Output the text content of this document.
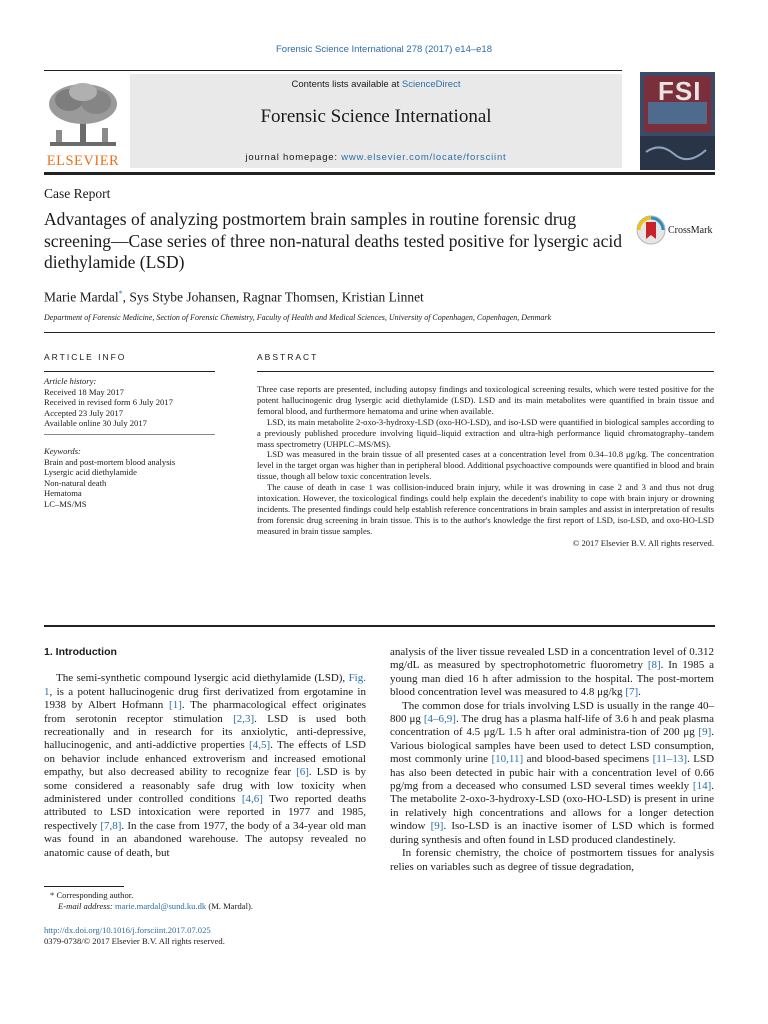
Forensic Science International 278 (2017) e14–e18
ELSEVIER
Contents lists available at ScienceDirect
Forensic Science International
journal homepage: www.elsevier.com/locate/forsciint
FSI
Case Report
Advantages of analyzing postmortem brain samples in routine forensic drug screening—Case series of three non-natural deaths tested positive for lysergic acid diethylamide (LSD)
CrossMark
Marie Mardal*, Sys Stybe Johansen, Ragnar Thomsen, Kristian Linnet
Department of Forensic Medicine, Section of Forensic Chemistry, Faculty of Health and Medical Sciences, University of Copenhagen, Copenhagen, Denmark
ARTICLE INFO
Article history:
Received 18 May 2017
Received in revised form 6 July 2017
Accepted 23 July 2017
Available online 30 July 2017
Keywords:
Brain and post-mortem blood analysis
Lysergic acid diethylamide
Non-natural death
Hematoma
LC–MS/MS
ABSTRACT

Three case reports are presented, including autopsy findings and toxicological screening results, which were tested positive for the potent hallucinogenic drug lysergic acid diethylamide (LSD). LSD and its main metabolites were quantified in brain tissue and femoral blood, and furthermore hematoma and urine when available.

LSD, its main metabolite 2-oxo-3-hydroxy-LSD (oxo-HO-LSD), and iso-LSD were quantified in biological samples according to a previously published procedure involving liquid–liquid extraction and ultra-high performance liquid chromatography–tandem mass spectrometry (UHPLC–MS/MS).

LSD was measured in the brain tissue of all presented cases at a concentration level from 0.34–10.8 μg/kg. The concentration level in the target organ was higher than in peripheral blood. Additional psychoactive compounds were quantified in blood and brain tissue, though all below toxic concentration levels.

The cause of death in case 1 was collision-induced brain injury, while it was drowning in case 2 and 3 and thus not drug intoxication. However, the toxicological findings could help explain the decedent's inability to cope with brain injury or drowning incidents. The presented findings could help establish reference concentrations in brain samples and assist in interpretation of results from forensic drug screening in brain tissue. This is to the author's knowledge the first report of LSD, iso-LSD, and oxo-HO-LSD measured in brain tissue samples.

© 2017 Elsevier B.V. All rights reserved.
1. Introduction

The semi-synthetic compound lysergic acid diethylamide (LSD), Fig. 1, is a potent hallucinogenic drug first derivatized from ergotamine in 1938 by Albert Hofmann [1]. The pharmacological effect originates from serotonin receptor stimulation [2,3]. LSD is used both recreationally and in research for its anxiolytic, anti-depressive, hallucinogenic, and anti-addictive properties [4,5]. The effects of LSD on behavior include enhanced extroverism and increased emotional empathy, but also decreased ability to recognize fear [6]. LSD is by some considered a reasonably safe drug with low toxicity when administered under controlled conditions [4,6] Two reported deaths attributed to LSD intoxication were reported in 1977 and 1985, respectively [7,8]. In the case from 1977, the body of a 34-year old man was found in an abandoned warehouse. The autopsy revealed no anatomic cause of death, but

analysis of the liver tissue revealed LSD in a concentration level of 0.312 mg/dL as measured by spectrophotometric fluorometry [8]. In 1985 a young man died 16 h after admission to the hospital. The post-mortem blood concentration level was measured to 4.8 μg/kg [7].

The common dose for trials involving LSD is usually in the range 40–800 μg [4–6,9]. The drug has a plasma half-life of 3.6 h and peak plasma concentration of 4.5 μg/L 1.5 h after oral administra-tion of 200 μg [9]. Various biological samples have been used to detect LSD consumption, most commonly urine [10,11] and blood-based specimens [11–13]. LSD has also been detected in pubic hair with a concentration level of 0.66 pg/mg from a deceased who consumed LSD several times weekly [14]. The metabolite 2-oxo-3-hydroxy-LSD (oxo-HO-LSD) is present in urine in relatively high concentrations and allows for a longer detection window [9]. Iso-LSD is an inactive isomer of LSD which is formed during synthesis and often found in LSD produced clandestinely.

In forensic chemistry, the choice of postmortem tissues for analysis relies on variables such as degree of tissue degradation,

* Corresponding author.
E-mail address: marie.mardal@sund.ku.dk (M. Mardal).
http://dx.doi.org/10.1016/j.forsciint.2017.07.025
0379-0738/© 2017 Elsevier B.V. All rights reserved.
